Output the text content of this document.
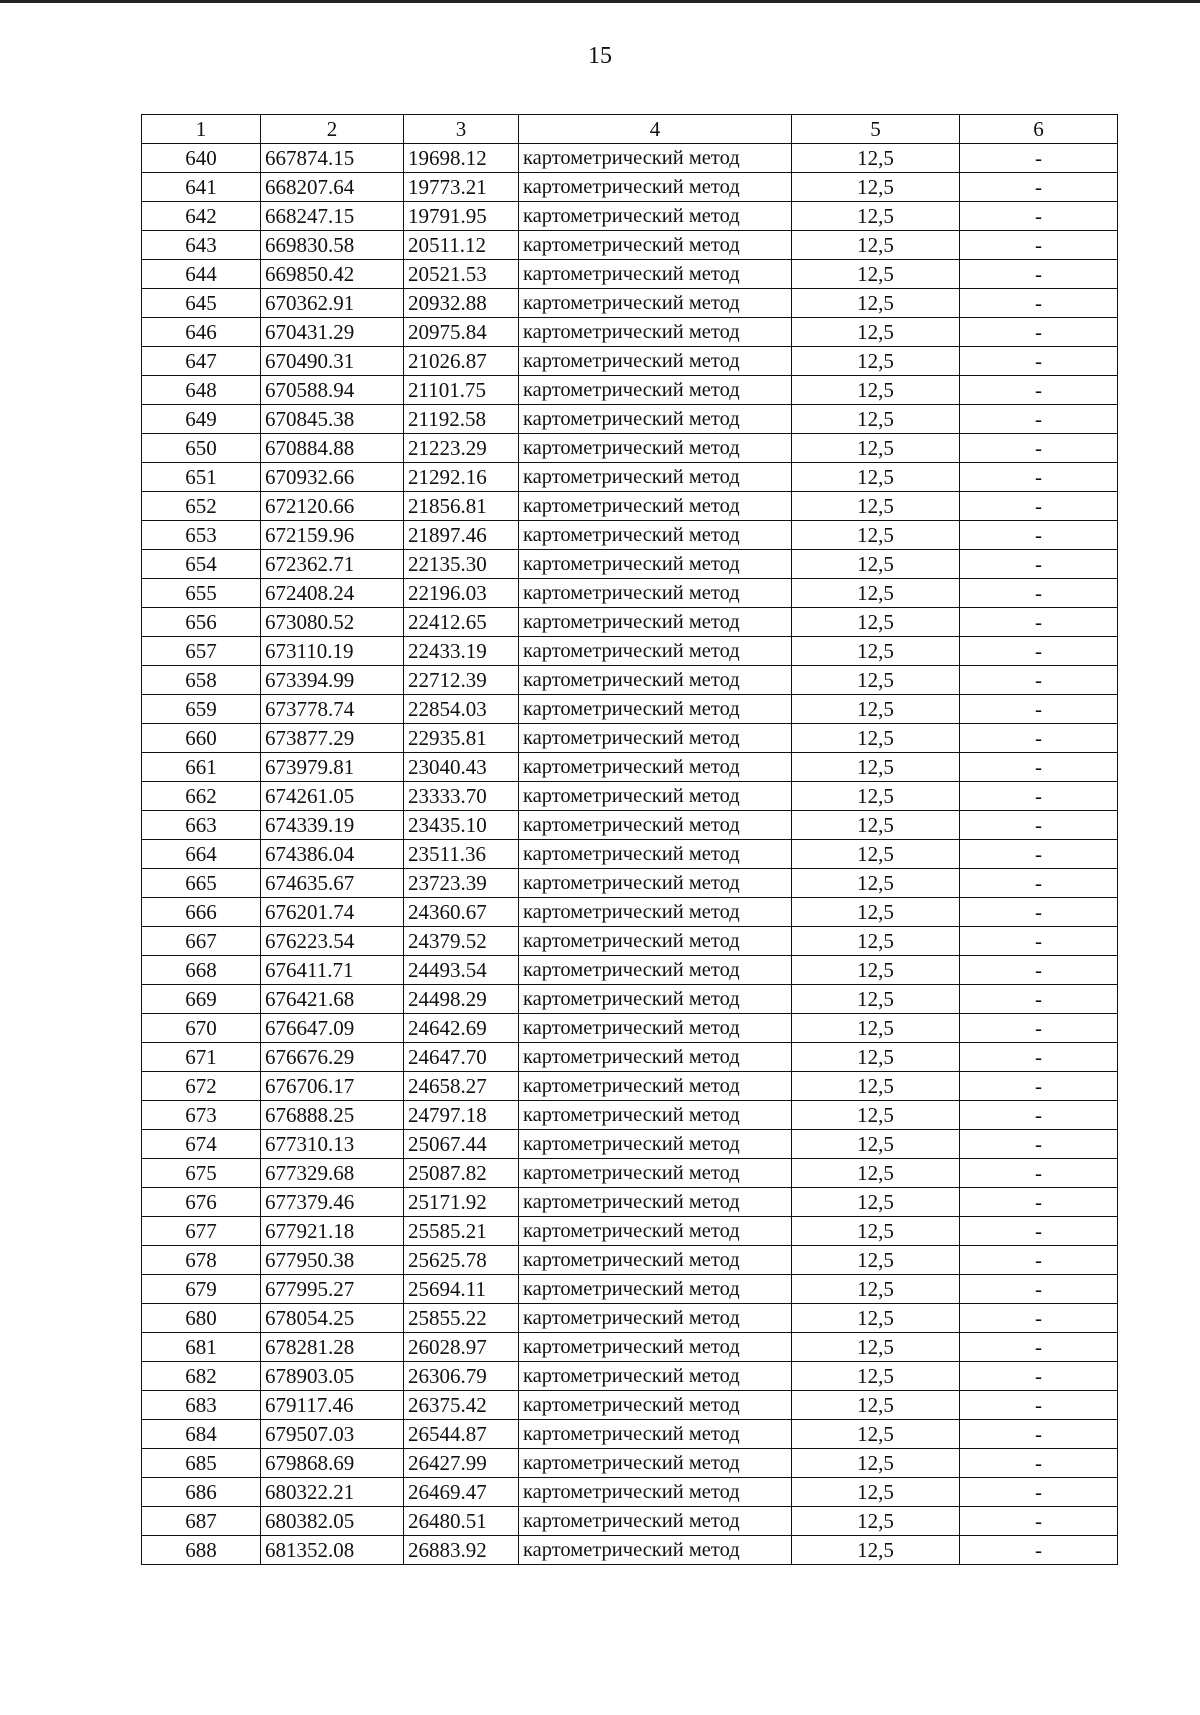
15
1	2	3	4	5	6
640	667874.15	19698.12	картометрический метод	12,5	-
641	668207.64	19773.21	картометрический метод	12,5	-
642	668247.15	19791.95	картометрический метод	12,5	-
643	669830.58	20511.12	картометрический метод	12,5	-
644	669850.42	20521.53	картометрический метод	12,5	-
645	670362.91	20932.88	картометрический метод	12,5	-
646	670431.29	20975.84	картометрический метод	12,5	-
647	670490.31	21026.87	картометрический метод	12,5	-
648	670588.94	21101.75	картометрический метод	12,5	-
649	670845.38	21192.58	картометрический метод	12,5	-
650	670884.88	21223.29	картометрический метод	12,5	-
651	670932.66	21292.16	картометрический метод	12,5	-
652	672120.66	21856.81	картометрический метод	12,5	-
653	672159.96	21897.46	картометрический метод	12,5	-
654	672362.71	22135.30	картометрический метод	12,5	-
655	672408.24	22196.03	картометрический метод	12,5	-
656	673080.52	22412.65	картометрический метод	12,5	-
657	673110.19	22433.19	картометрический метод	12,5	-
658	673394.99	22712.39	картометрический метод	12,5	-
659	673778.74	22854.03	картометрический метод	12,5	-
660	673877.29	22935.81	картометрический метод	12,5	-
661	673979.81	23040.43	картометрический метод	12,5	-
662	674261.05	23333.70	картометрический метод	12,5	-
663	674339.19	23435.10	картометрический метод	12,5	-
664	674386.04	23511.36	картометрический метод	12,5	-
665	674635.67	23723.39	картометрический метод	12,5	-
666	676201.74	24360.67	картометрический метод	12,5	-
667	676223.54	24379.52	картометрический метод	12,5	-
668	676411.71	24493.54	картометрический метод	12,5	-
669	676421.68	24498.29	картометрический метод	12,5	-
670	676647.09	24642.69	картометрический метод	12,5	-
671	676676.29	24647.70	картометрический метод	12,5	-
672	676706.17	24658.27	картометрический метод	12,5	-
673	676888.25	24797.18	картометрический метод	12,5	-
674	677310.13	25067.44	картометрический метод	12,5	-
675	677329.68	25087.82	картометрический метод	12,5	-
676	677379.46	25171.92	картометрический метод	12,5	-
677	677921.18	25585.21	картометрический метод	12,5	-
678	677950.38	25625.78	картометрический метод	12,5	-
679	677995.27	25694.11	картометрический метод	12,5	-
680	678054.25	25855.22	картометрический метод	12,5	-
681	678281.28	26028.97	картометрический метод	12,5	-
682	678903.05	26306.79	картометрический метод	12,5	-
683	679117.46	26375.42	картометрический метод	12,5	-
684	679507.03	26544.87	картометрический метод	12,5	-
685	679868.69	26427.99	картометрический метод	12,5	-
686	680322.21	26469.47	картометрический метод	12,5	-
687	680382.05	26480.51	картометрический метод	12,5	-
688	681352.08	26883.92	картометрический метод	12,5	-
